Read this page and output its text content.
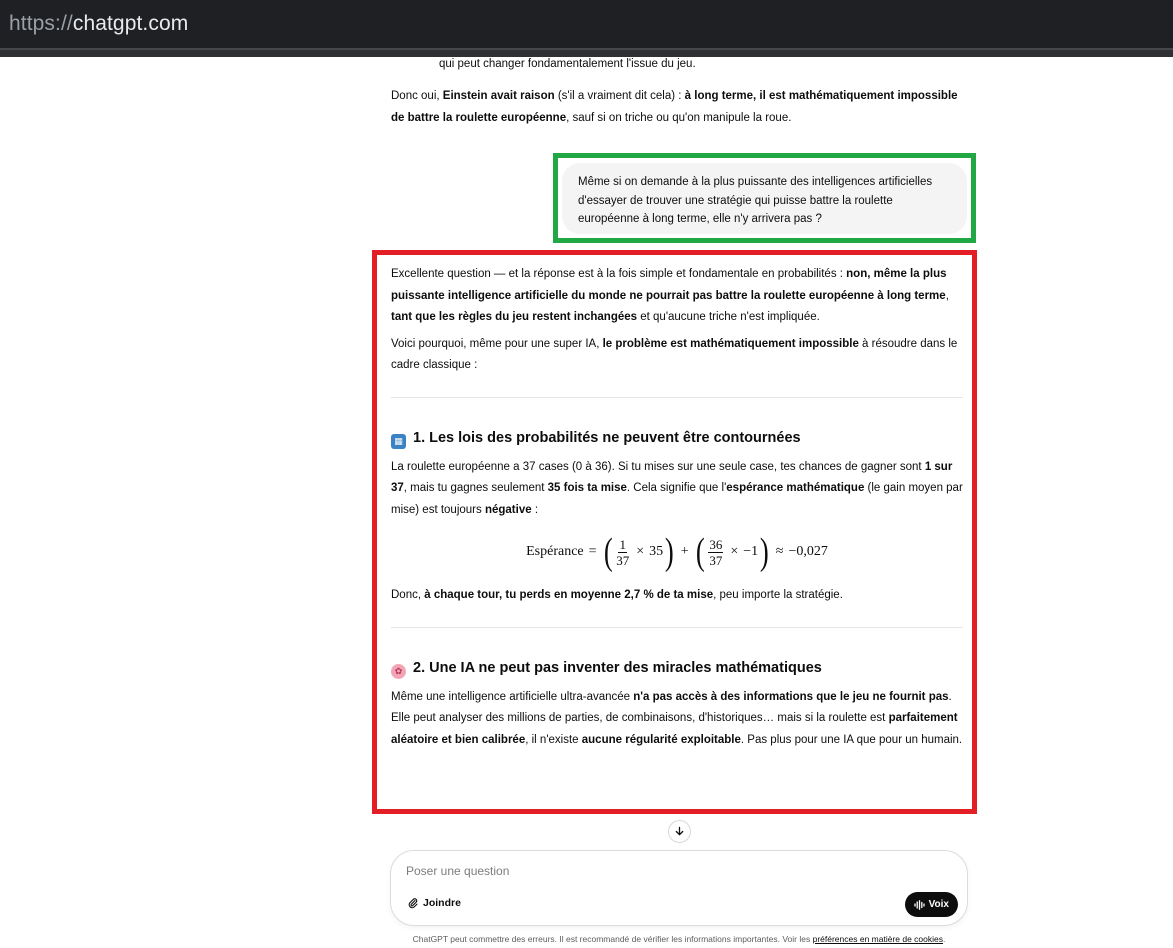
https://chatgpt.com
qui peut changer fondamentalement l'issue du jeu.

Donc oui, Einstein avait raison (s'il a vraiment dit cela) : à long terme, il est mathématiquement impossible de battre la roulette européenne, sauf si on triche ou qu'on manipule la roue.

Même si on demande à la plus puissante des intelligences artificielles d'essayer de trouver une stratégie qui puisse battre la roulette européenne à long terme, elle n'y arrivera pas ?

Excellente question — et la réponse est à la fois simple et fondamentale en probabilités : non, même la plus puissante intelligence artificielle du monde ne pourrait pas battre la roulette européenne à long terme, tant que les règles du jeu restent inchangées et qu'aucune triche n'est impliquée.

Voici pourquoi, même pour une super IA, le problème est mathématiquement impossible à résoudre dans le cadre classique :

▦ 1. Les lois des probabilités ne peuvent être contournées

La roulette européenne a 37 cases (0 à 36). Si tu mises sur une seule case, tes chances de gagner sont 1 sur 37, mais tu gagnes seulement 35 fois ta mise. Cela signifie que l'espérance mathématique (le gain moyen par mise) est toujours négative :

Espérance = ( $\frac{1}{37} \times 35$ ) + ( $\frac{36}{37} \times -1$ ) ≈ −0,027

Donc, à chaque tour, tu perds en moyenne 2,7 % de ta mise, peu importe la stratégie.

✿ 2. Une IA ne peut pas inventer des miracles mathématiques

Même une intelligence artificielle ultra-avancée n'a pas accès à des informations que le jeu ne fournit pas. Elle peut analyser des millions de parties, de combinaisons, d'historiques… mais si la roulette est parfaitement aléatoire et bien calibrée, il n'existe aucune régularité exploitable. Pas plus pour une IA que pour un humain.

Poser une question
Joindre	Voix
ChatGPT peut commettre des erreurs. Il est recommandé de vérifier les informations importantes. Voir les préférences en matière de cookies.
